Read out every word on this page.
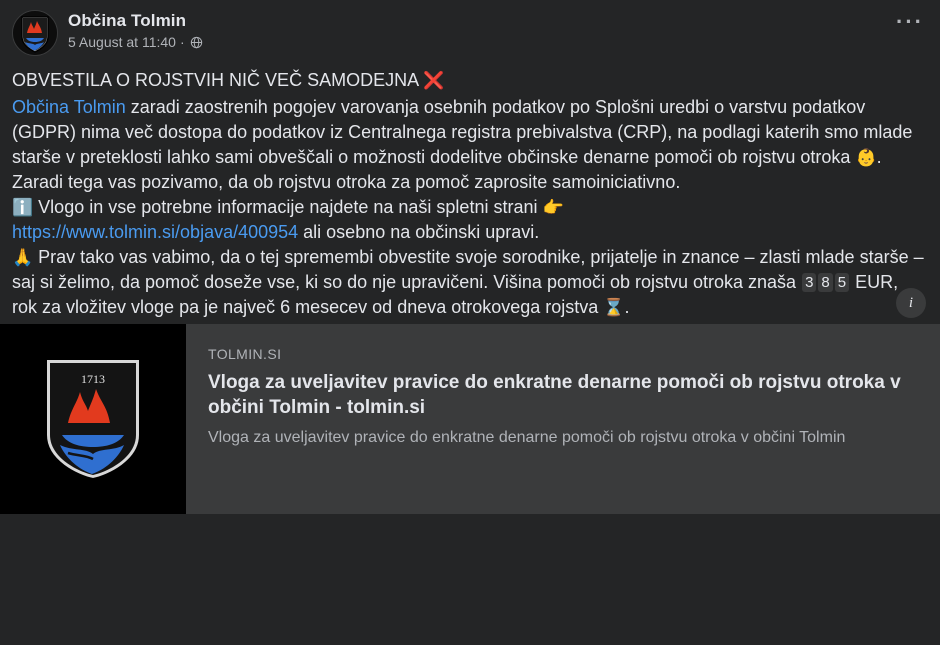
Občina Tolmin
5 August at 11:40 ·
···

OBVESTILA O ROJSTVIH NIČ VEČ SAMODEJNA ❌

Občina Tolmin zaradi zaostrenih pogojev varovanja osebnih podatkov po Splošni uredbi o varstvu podatkov (GDPR) nima več dostopa do podatkov iz Centralnega registra prebivalstva (CRP), na podlagi katerih smo mlade starše v preteklosti lahko sami obveščali o možnosti dodelitve občinske denarne pomoči ob rojstvu otroka 👶. Zaradi tega vas pozivamo, da ob rojstvu otroka za pomoč zaprosite samoiniciativno.

ℹ️ Vlogo in vse potrebne informacije najdete na naši spletni strani 👉
https://www.tolmin.si/objava/400954 ali osebno na občinski upravi.

🙏 Prav tako vas vabimo, da o tej spremembi obvestite svoje sorodnike, prijatelje in znance – zlasti mlade starše – saj si želimo, da pomoč doseže vse, ki so do nje upravičeni. Višina pomoči ob rojstvu otroka znaša 3 8 5 EUR, rok za vložitev vloge pa je največ 6 mesecev od dneva otrokovega rojstva ⌛.	i
1713
TOLMIN.SI
Vloga za uveljavitev pravice do enkratne denarne pomoči ob rojstvu otroka v občini Tolmin - tolmin.si
Vloga za uveljavitev pravice do enkratne denarne pomoči ob rojstvu otroka v občini Tolmin
